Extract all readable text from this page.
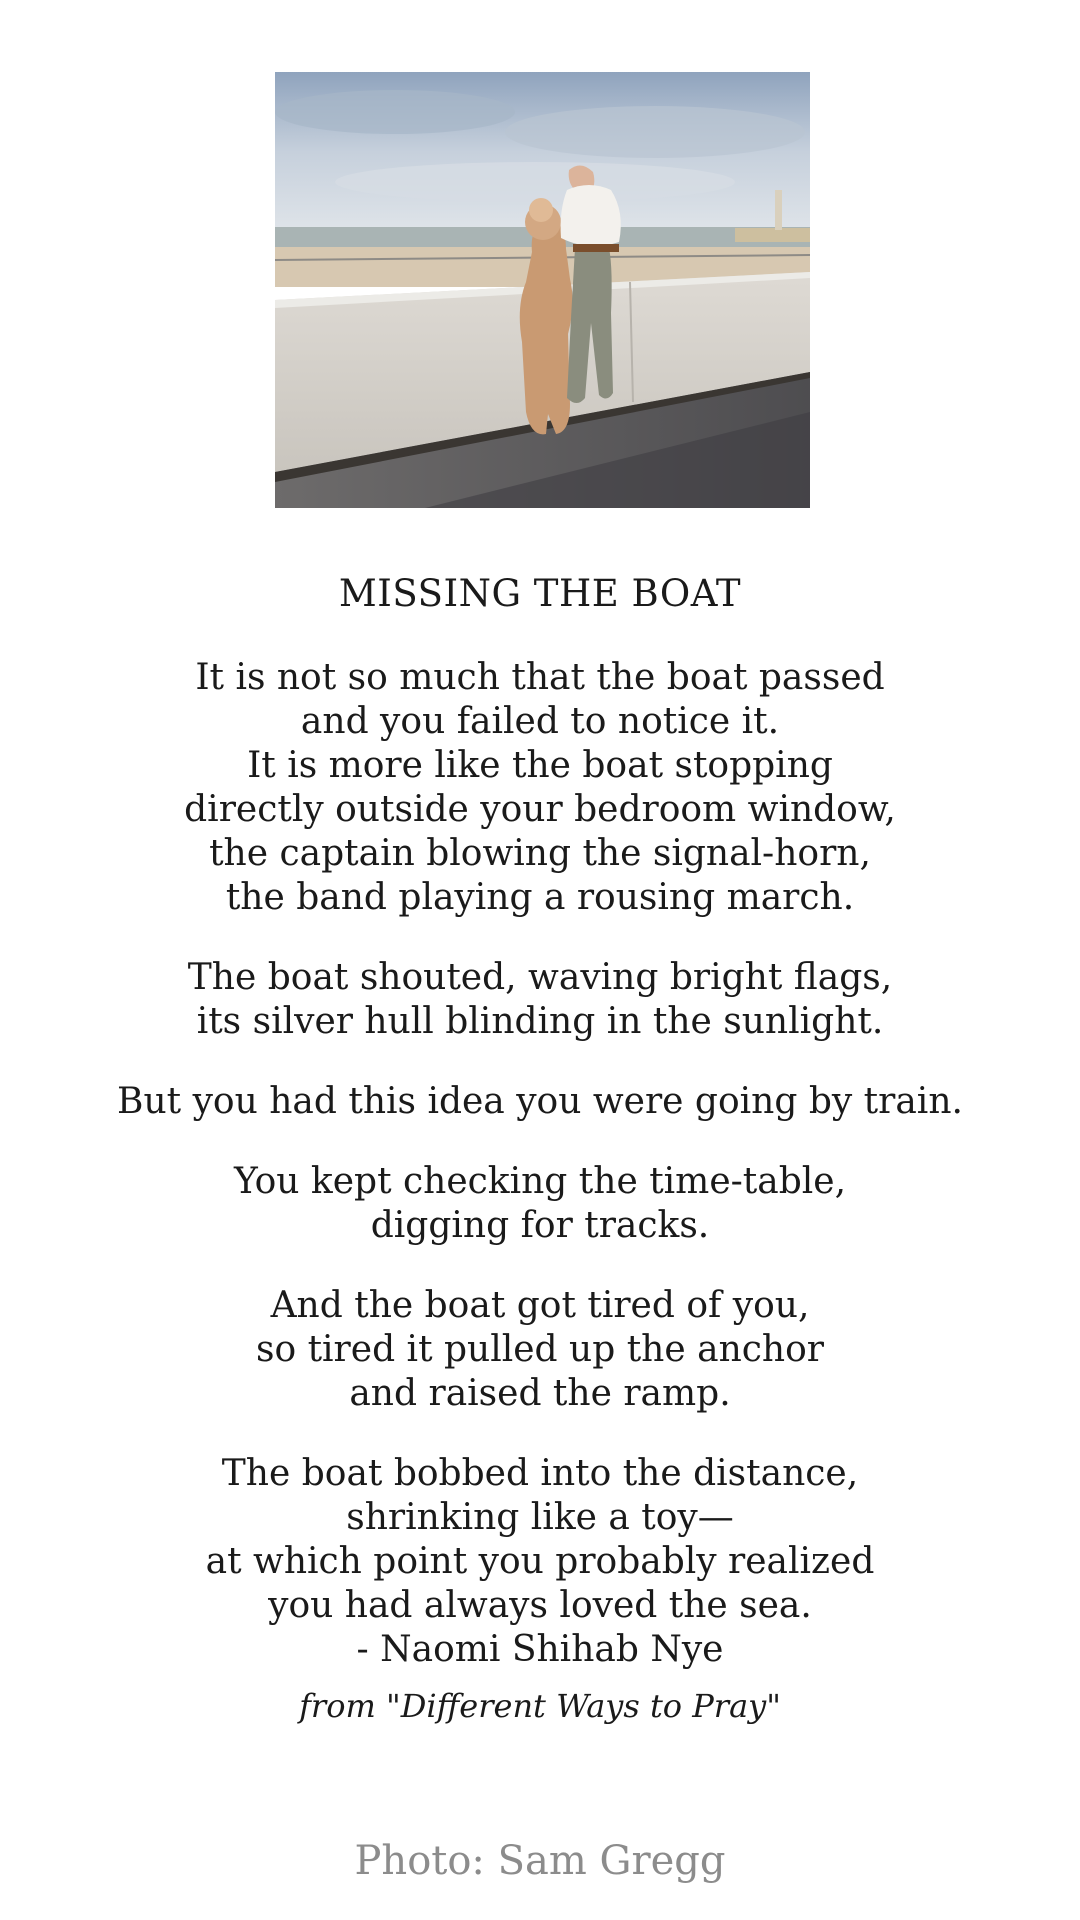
MISSING THE BOAT
It is not so much that the boat passed
and you failed to notice it.
It is more like the boat stopping
directly outside your bedroom window,
the captain blowing the signal-horn,
the band playing a rousing march.
The boat shouted, waving bright flags,
its silver hull blinding in the sunlight.
But you had this idea you were going by train.
You kept checking the time-table,
digging for tracks.
And the boat got tired of you,
so tired it pulled up the anchor
and raised the ramp.
The boat bobbed into the distance,
shrinking like a toy—
at which point you probably realized
you had always loved the sea.
- Naomi Shihab Nye
from "Different Ways to Pray"
Photo: Sam Gregg
